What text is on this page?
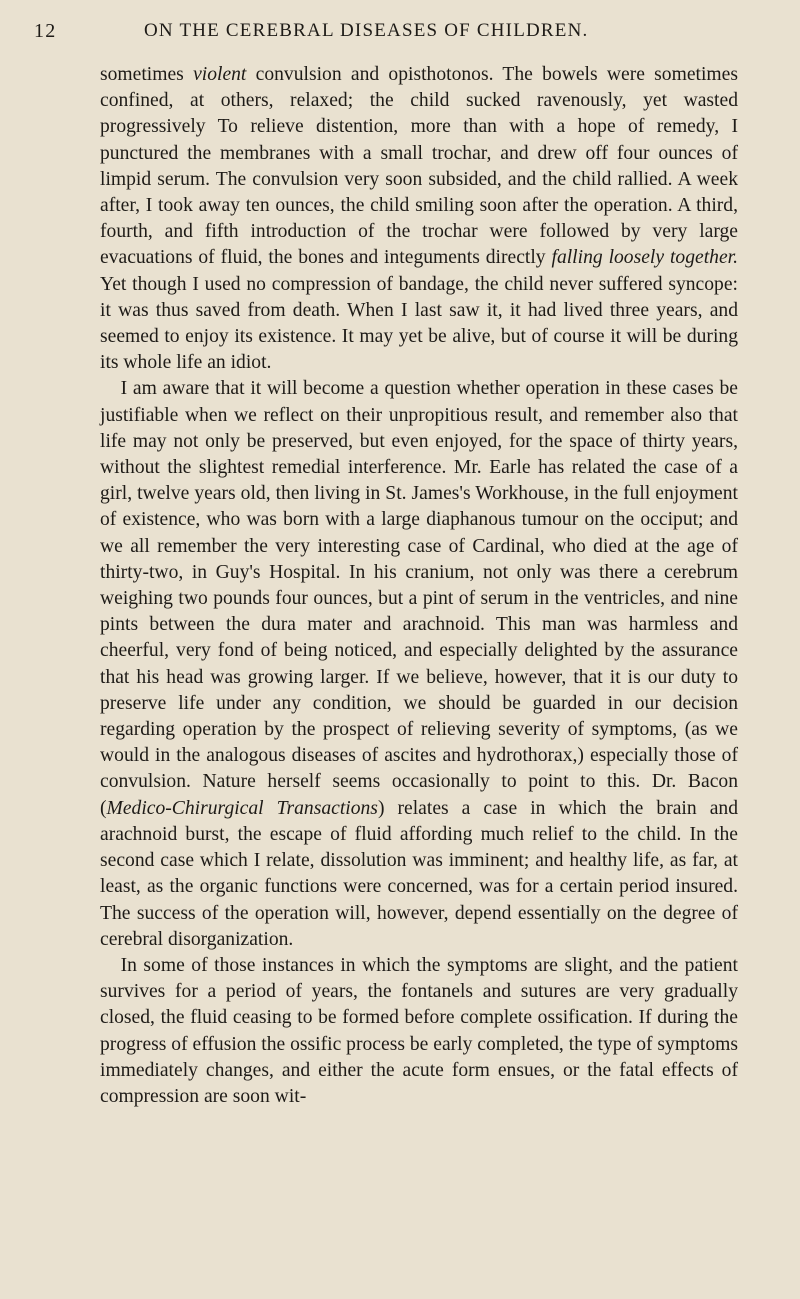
12	ON THE CEREBRAL DISEASES OF CHILDREN.

sometimes violent convulsion and opisthotonos. The bowels were sometimes confined, at others, relaxed; the child sucked ravenously, yet wasted progressively To relieve distention, more than with a hope of remedy, I punctured the membranes with a small trochar, and drew off four ounces of limpid serum. The convulsion very soon subsided, and the child rallied. A week after, I took away ten ounces, the child smiling soon after the operation. A third, fourth, and fifth introduction of the trochar were followed by very large evacuations of fluid, the bones and integuments directly falling loosely together. Yet though I used no compression of bandage, the child never suffered syncope: it was thus saved from death. When I last saw it, it had lived three years, and seemed to enjoy its existence. It may yet be alive, but of course it will be during its whole life an idiot.

I am aware that it will become a question whether operation in these cases be justifiable when we reflect on their unpropitious result, and remember also that life may not only be preserved, but even enjoyed, for the space of thirty years, without the slightest remedial interference. Mr. Earle has related the case of a girl, twelve years old, then living in St. James's Workhouse, in the full enjoyment of existence, who was born with a large diaphanous tumour on the occiput; and we all remember the very interesting case of Cardinal, who died at the age of thirty-two, in Guy's Hospital. In his cranium, not only was there a cerebrum weighing two pounds four ounces, but a pint of serum in the ventricles, and nine pints between the dura mater and arachnoid. This man was harmless and cheerful, very fond of being noticed, and especially delighted by the assurance that his head was growing larger. If we believe, however, that it is our duty to preserve life under any condition, we should be guarded in our decision regarding operation by the prospect of relieving severity of symptoms, (as we would in the analogous diseases of ascites and hydrothorax,) especially those of convulsion. Nature herself seems occasionally to point to this. Dr. Bacon (Medico-Chirurgical Transactions) relates a case in which the brain and arachnoid burst, the escape of fluid affording much relief to the child. In the second case which I relate, dissolution was imminent; and healthy life, as far, at least, as the organic functions were concerned, was for a certain period insured. The success of the operation will, however, depend essentially on the degree of cerebral disorganization.

In some of those instances in which the symptoms are slight, and the patient survives for a period of years, the fontanels and sutures are very gradually closed, the fluid ceasing to be formed before complete ossification. If during the progress of effusion the ossific process be early completed, the type of symptoms immediately changes, and either the acute form ensues, or the fatal effects of compression are soon wit-
